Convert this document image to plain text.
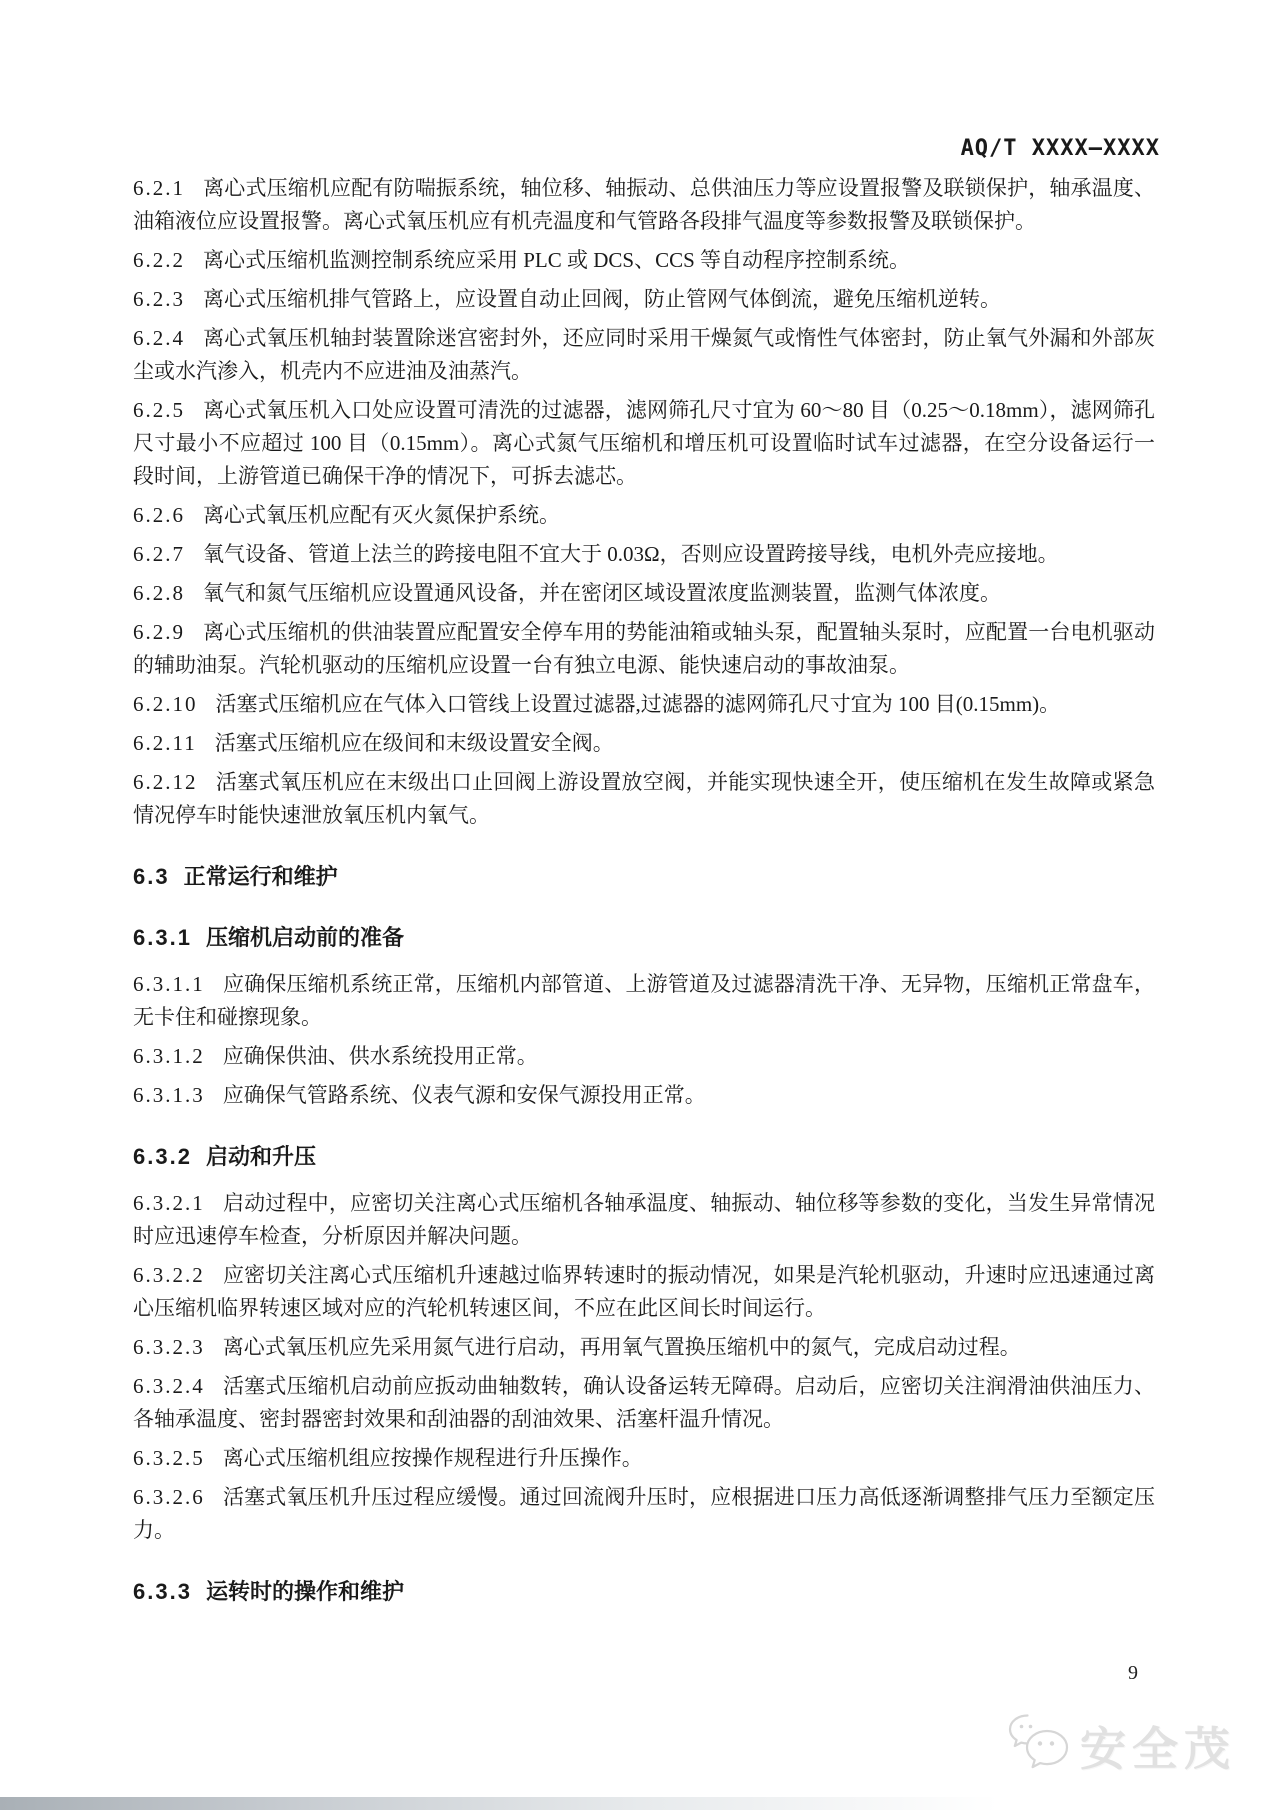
AQ/T XXXX—XXXX

6.2.1 离心式压缩机应配有防喘振系统，轴位移、轴振动、总供油压力等应设置报警及联锁保护，轴承温度、油箱液位应设置报警。离心式氧压机应有机壳温度和气管路各段排气温度等参数报警及联锁保护。

6.2.2 离心式压缩机监测控制系统应采用 PLC 或 DCS、CCS 等自动程序控制系统。

6.2.3 离心式压缩机排气管路上，应设置自动止回阀，防止管网气体倒流，避免压缩机逆转。

6.2.4 离心式氧压机轴封装置除迷宫密封外，还应同时采用干燥氮气或惰性气体密封，防止氧气外漏和外部灰尘或水汽渗入，机壳内不应进油及油蒸汽。

6.2.5 离心式氧压机入口处应设置可清洗的过滤器，滤网筛孔尺寸宜为 60～80 目（0.25～0.18mm），滤网筛孔尺寸最小不应超过 100 目（0.15mm）。离心式氮气压缩机和增压机可设置临时试车过滤器，在空分设备运行一段时间，上游管道已确保干净的情况下，可拆去滤芯。

6.2.6 离心式氧压机应配有灭火氮保护系统。

6.2.7 氧气设备、管道上法兰的跨接电阻不宜大于 0.03Ω，否则应设置跨接导线，电机外壳应接地。

6.2.8 氧气和氮气压缩机应设置通风设备，并在密闭区域设置浓度监测装置，监测气体浓度。

6.2.9 离心式压缩机的供油装置应配置安全停车用的势能油箱或轴头泵，配置轴头泵时，应配置一台电机驱动的辅助油泵。汽轮机驱动的压缩机应设置一台有独立电源、能快速启动的事故油泵。

6.2.10 活塞式压缩机应在气体入口管线上设置过滤器,过滤器的滤网筛孔尺寸宜为 100 目(0.15mm)。

6.2.11 活塞式压缩机应在级间和末级设置安全阀。

6.2.12 活塞式氧压机应在末级出口止回阀上游设置放空阀，并能实现快速全开，使压缩机在发生故障或紧急情况停车时能快速泄放氧压机内氧气。

6.3 正常运行和维护

6.3.1 压缩机启动前的准备

6.3.1.1 应确保压缩机系统正常，压缩机内部管道、上游管道及过滤器清洗干净、无异物，压缩机正常盘车，无卡住和碰擦现象。

6.3.1.2 应确保供油、供水系统投用正常。

6.3.1.3 应确保气管路系统、仪表气源和安保气源投用正常。

6.3.2 启动和升压

6.3.2.1 启动过程中，应密切关注离心式压缩机各轴承温度、轴振动、轴位移等参数的变化，当发生异常情况时应迅速停车检查，分析原因并解决问题。

6.3.2.2 应密切关注离心式压缩机升速越过临界转速时的振动情况，如果是汽轮机驱动，升速时应迅速通过离心压缩机临界转速区域对应的汽轮机转速区间，不应在此区间长时间运行。

6.3.2.3 离心式氧压机应先采用氮气进行启动，再用氧气置换压缩机中的氮气，完成启动过程。

6.3.2.4 活塞式压缩机启动前应扳动曲轴数转，确认设备运转无障碍。启动后，应密切关注润滑油供油压力、各轴承温度、密封器密封效果和刮油器的刮油效果、活塞杆温升情况。

6.3.2.5 离心式压缩机组应按操作规程进行升压操作。

6.3.2.6 活塞式氧压机升压过程应缓慢。通过回流阀升压时，应根据进口压力高低逐渐调整排气压力至额定压力。

6.3.3 运转时的操作和维护

9
安全茂
